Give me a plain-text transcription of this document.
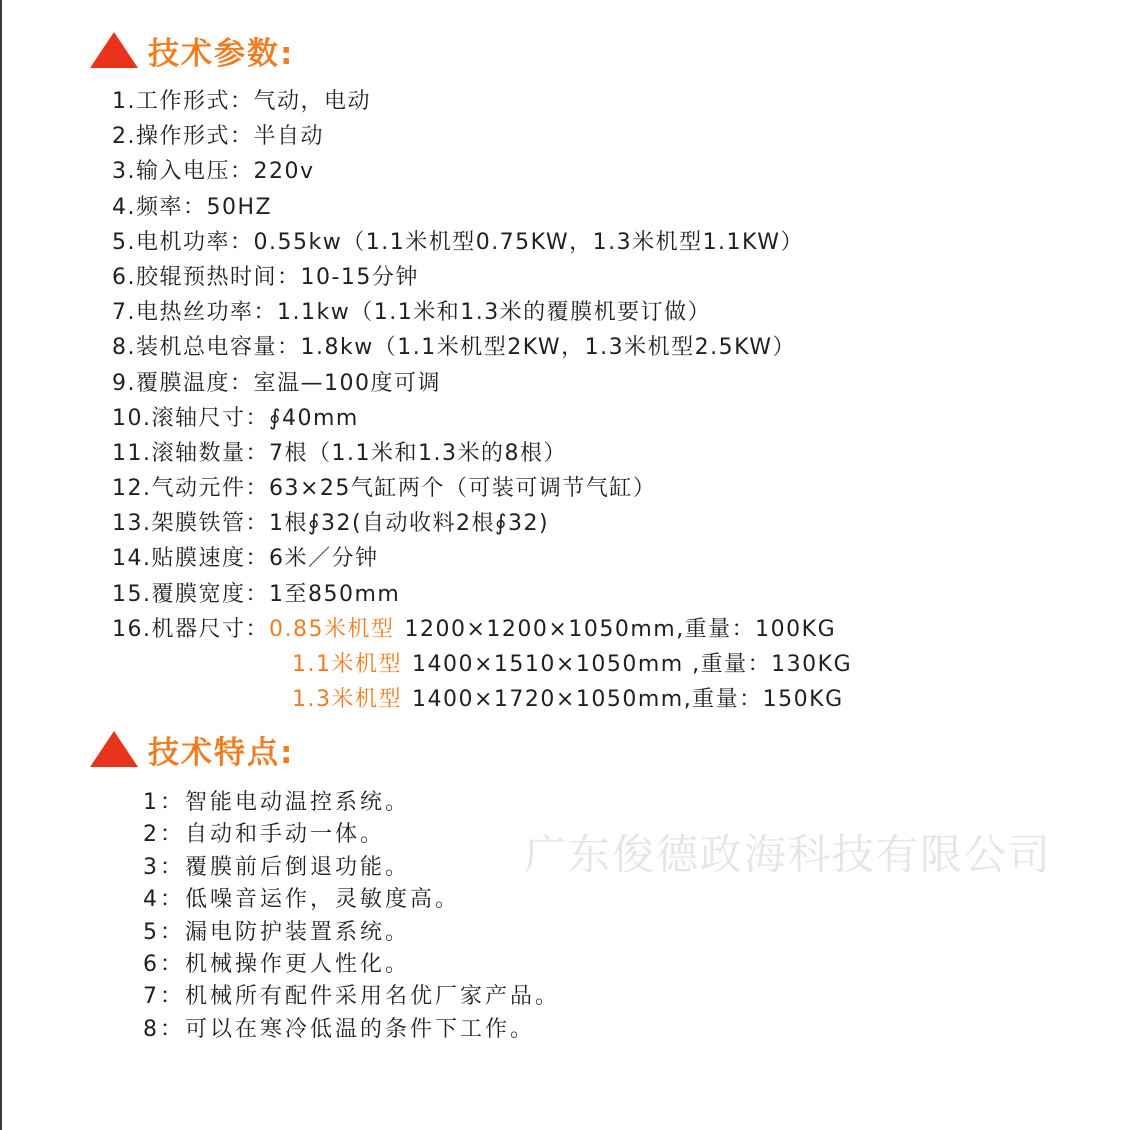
技术参数:
1.工作形式：气动，电动
2.操作形式：半自动
3.输入电压：220v
4.频率：50HZ
5.电机功率：0.55kw（1.1米机型0.75KW，1.3米机型1.1KW）
6.胶辊预热时间：10-15分钟
7.电热丝功率：1.1kw（1.1米和1.3米的覆膜机要订做）
8.装机总电容量：1.8kw（1.1米机型2KW，1.3米机型2.5KW）
9.覆膜温度：室温—100度可调
10.滚轴尺寸：∮40mm
11.滚轴数量：7根（1.1米和1.3米的8根）
12.气动元件：63×25气缸两个（可装可调节气缸）
13.架膜铁管：1根∮32(自动收料2根∮32)
14.贴膜速度：6米／分钟
15.覆膜宽度：1至850mm
16.机器尺寸：0.85米机型 1200×1200×1050mm,重量：100KG
1.1米机型 1400×1510×1050mm ,重量：130KG
1.3米机型 1400×1720×1050mm,重量：150KG
技术特点:
1：智能电动温控系统。
2：自动和手动一体。
3：覆膜前后倒退功能。
4：低噪音运作，灵敏度高。
5：漏电防护装置系统。
6：机械操作更人性化。
7：机械所有配件采用名优厂家产品。
8：可以在寒冷低温的条件下工作。
广东俊德政海科技有限公司
